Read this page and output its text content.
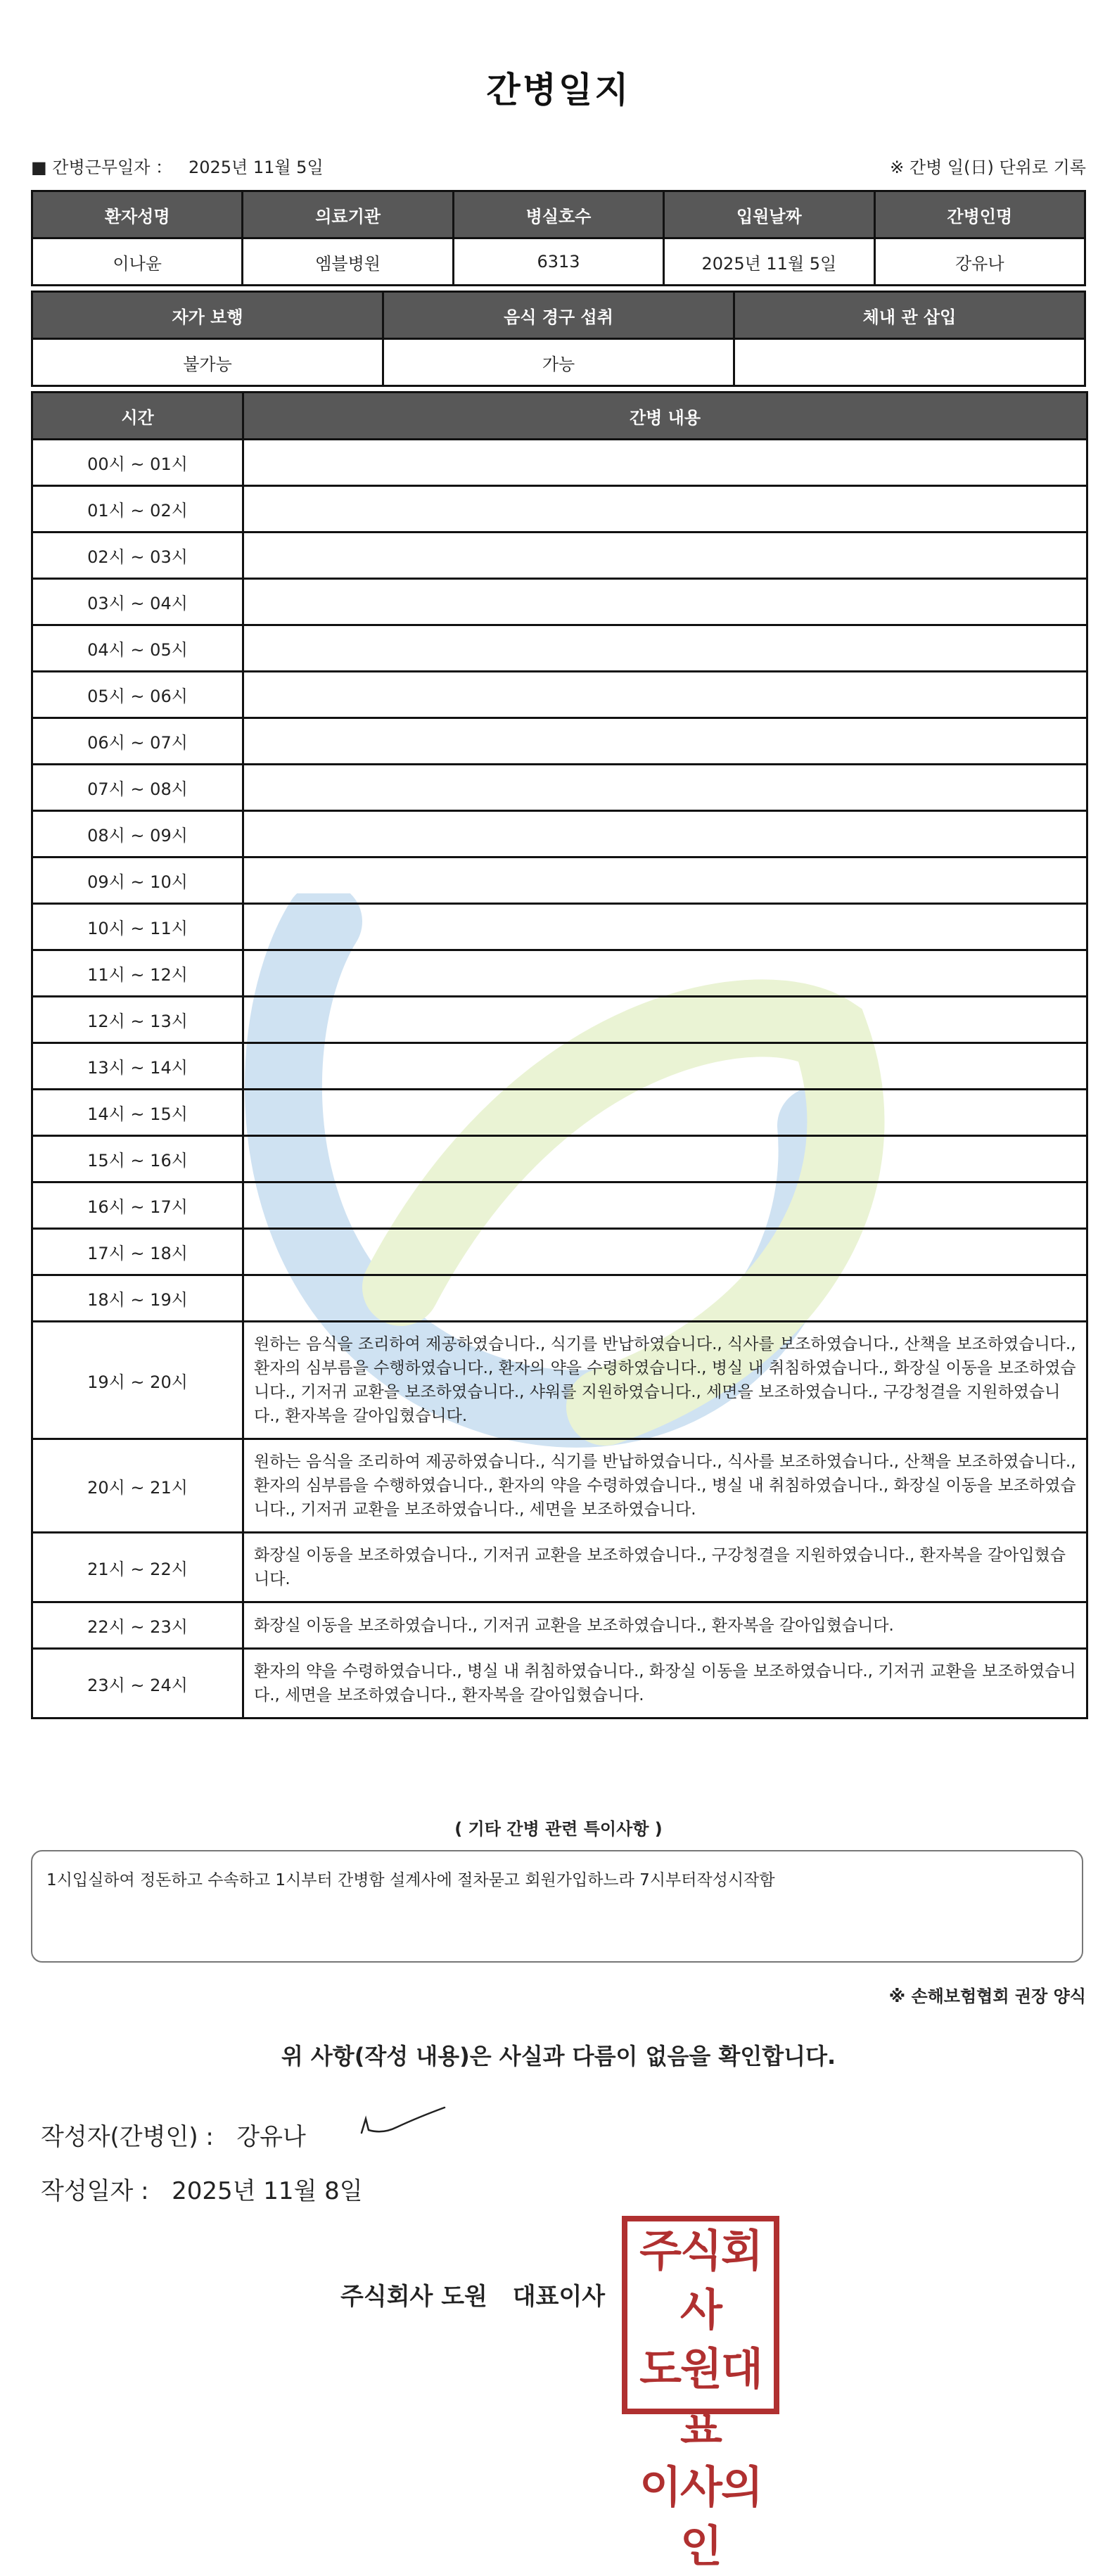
간병일지
■ 간병근무일자 ： 2025년 11월 5일	※ 간병 일(日) 단위로 기록
환자성명	의료기관	병실호수	입원날짜	간병인명
이나윤	엠블병원	6313	2025년 11월 5일	강유나
자가 보행	음식 경구 섭취	체내 관 삽입
불가능	가능	
시간	간병 내용
00시 ~ 01시	
01시 ~ 02시	
02시 ~ 03시	
03시 ~ 04시	
04시 ~ 05시	
05시 ~ 06시	
06시 ~ 07시	
07시 ~ 08시	
08시 ~ 09시	
09시 ~ 10시	
10시 ~ 11시	
11시 ~ 12시	
12시 ~ 13시	
13시 ~ 14시	
14시 ~ 15시	
15시 ~ 16시	
16시 ~ 17시	
17시 ~ 18시	
18시 ~ 19시	
19시 ~ 20시	원하는 음식을 조리하여 제공하였습니다., 식기를 반납하였습니다., 식사를 보조하였습니다., 산책을 보조하였습니다., 환자의 심부름을 수행하였습니다., 환자의 약을 수령하였습니다., 병실 내 취침하였습니다., 화장실 이동을 보조하였습니다., 기저귀 교환을 보조하였습니다., 샤워를 지원하였습니다., 세면을 보조하였습니다., 구강청결을 지원하였습니다., 환자복을 갈아입혔습니다.
20시 ~ 21시	원하는 음식을 조리하여 제공하였습니다., 식기를 반납하였습니다., 식사를 보조하였습니다., 산책을 보조하였습니다., 환자의 심부름을 수행하였습니다., 환자의 약을 수령하였습니다., 병실 내 취침하였습니다., 화장실 이동을 보조하였습니다., 기저귀 교환을 보조하였습니다., 세면을 보조하였습니다.
21시 ~ 22시	화장실 이동을 보조하였습니다., 기저귀 교환을 보조하였습니다., 구강청결을 지원하였습니다., 환자복을 갈아입혔습니다.
22시 ~ 23시	화장실 이동을 보조하였습니다., 기저귀 교환을 보조하였습니다., 환자복을 갈아입혔습니다.
23시 ~ 24시	환자의 약을 수령하였습니다., 병실 내 취침하였습니다., 화장실 이동을 보조하였습니다., 기저귀 교환을 보조하였습니다., 세면을 보조하였습니다., 환자복을 갈아입혔습니다.
( 기타 간병 관련 특이사항 )
1시입실하여 정돈하고 수속하고 1시부터 간병함 설계사에 절차묻고 회원가입하느라 7시부터작성시작함
※ 손해보험협회 권장 양식
위 사항(작성 내용)은 사실과 다름이 없음을 확인합니다.
작성자(간병인) : 강유나
작성일자 : 2025년 11월 8일
주식회사 도원 대표이사
주식회사
도원대표
이사의인
